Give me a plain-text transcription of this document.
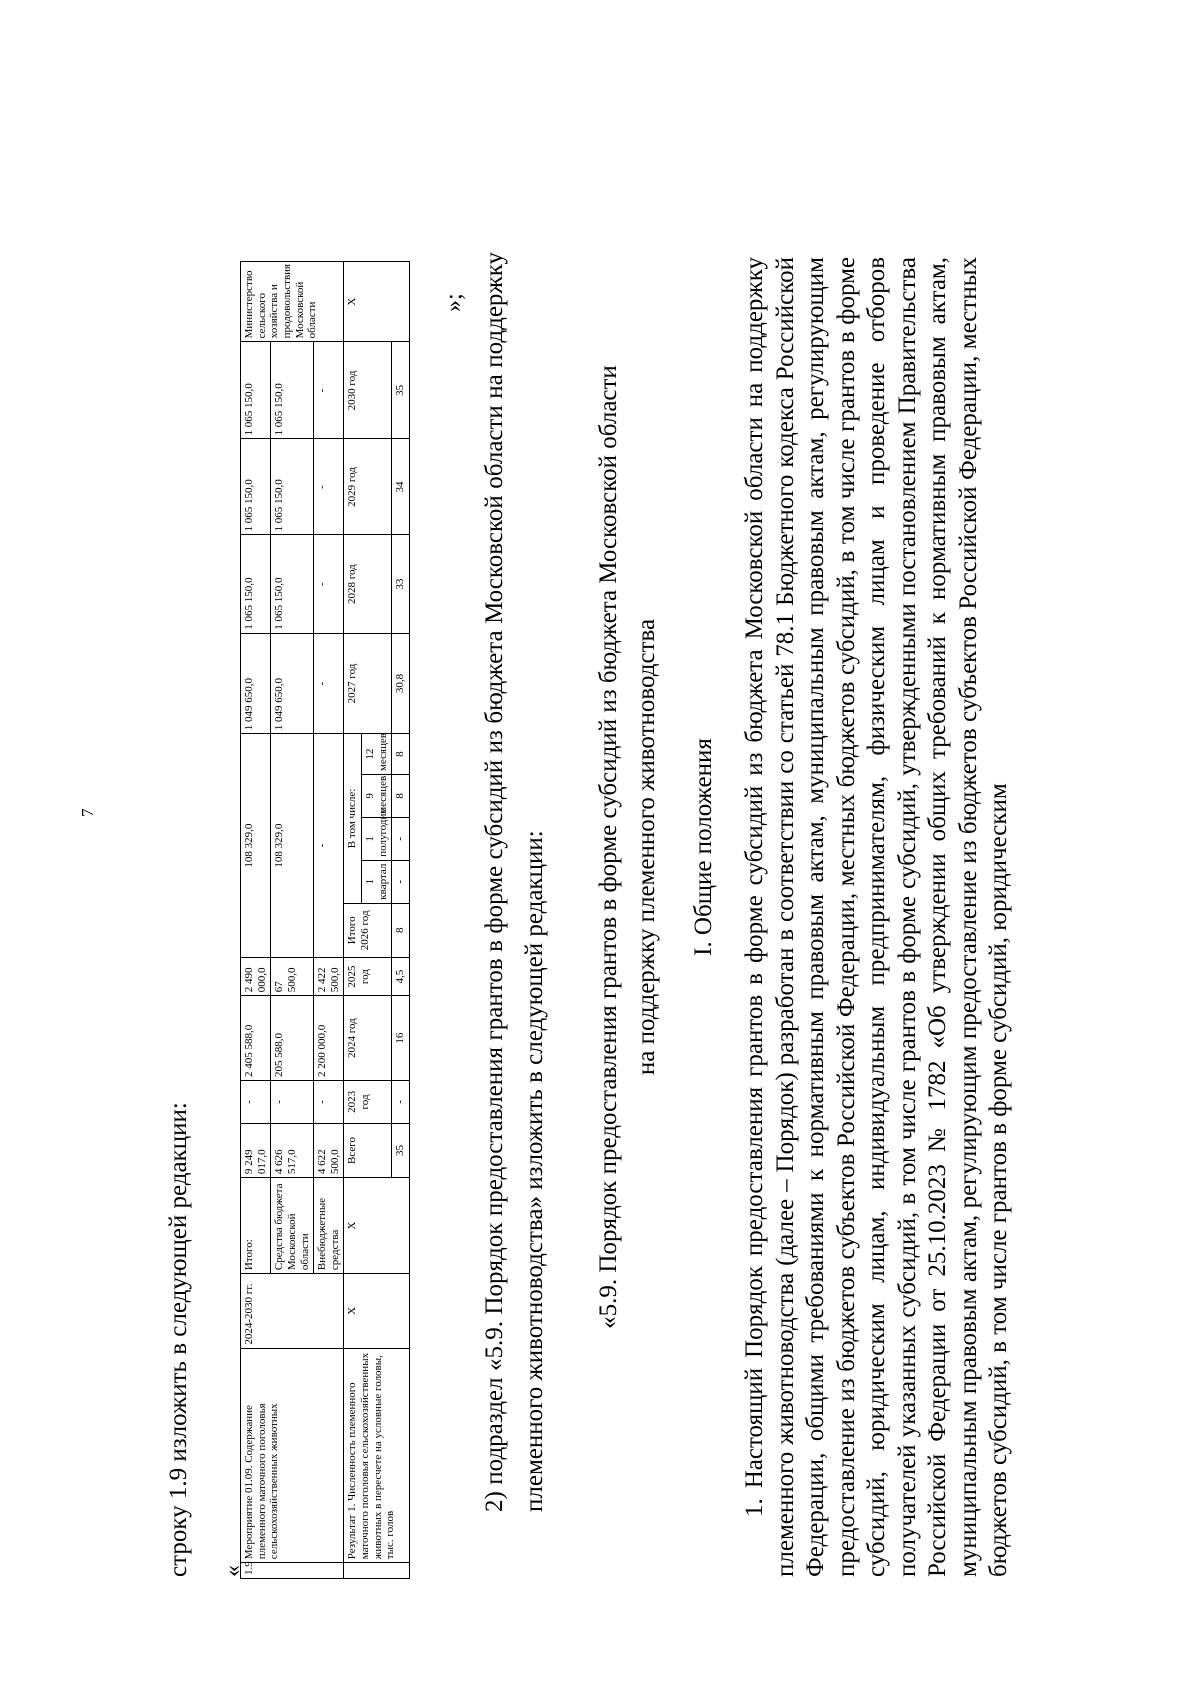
7
строку 1.9 изложить в следующей редакции: «
1.9	Мероприятие 01.09. Содержание племенного маточного поголовья сельскохозяйственных животных	2024-2030 гг.	Итого:	9 249 017,0	-	2 405 588,0	2 490 000,0	108 329,0					1 049 650,0	1 065 150,0	1 065 150,0	1 065 150,0	Министерство сельского хозяйства и продовольствия Московской области
			Средства бюджета Московской области	4 626 517,0	-	205 588,0	67 500,0	108 329,0					1 049 650,0	1 065 150,0	1 065 150,0	1 065 150,0	
			Внебюджетные средства	4 622 500,0	-	2 200 000,0	2 422 500,0	-					-	-	-	-	
	Результат 1. Численность племенного маточного поголовья сельскохозяйственных животных в пересчете на условные головы, тыс. голов	X	X	Всего	2023 год	2024 год	2025 год	Итого 2026 год	В том числе:				2027 год	2028 год	2029 год	2030 год	X
									1 квартал	1 полугодие	9 месяцев	12 месяцев					
				35	-	16	4,5	8	-	-	8	8	30,8	33	34	35	
»; 2) подраздел «5.9. Порядок предоставления грантов в форме субсидий из бюджета Московской области на поддержку племенного животноводства» изложить в следующей редакции: «5.9. Порядок предоставления грантов в форме субсидий из бюджета Московской области на поддержку племенного животноводства I. Общие положения 1. Настоящий Порядок предоставления грантов в форме субсидий из бюджета Московской области на поддержку племенного животноводства (далее – Порядок) разработан в соответствии со статьей 78.1 Бюджетного кодекса Российской Федерации, общими требованиями к нормативным правовым актам, муниципальным правовым актам, регулирующим предоставление из бюджетов субъектов Российской Федерации, местных бюджетов субсидий, в том числе грантов в форме субсидий, юридическим лицам, индивидуальным предпринимателям, физическим лицам и проведение отборов получателей указанных субсидий, в том числе грантов в форме субсидий, утвержденными постановлением Правительства Российской Федерации от 25.10.2023 № 1782 «Об утверждении общих требований к нормативным правовым актам, муниципальным правовым актам, регулирующим предоставление из бюджетов субъектов Российской Федерации, местных бюджетов субсидий, в том числе грантов в форме субсидий, юридическим
